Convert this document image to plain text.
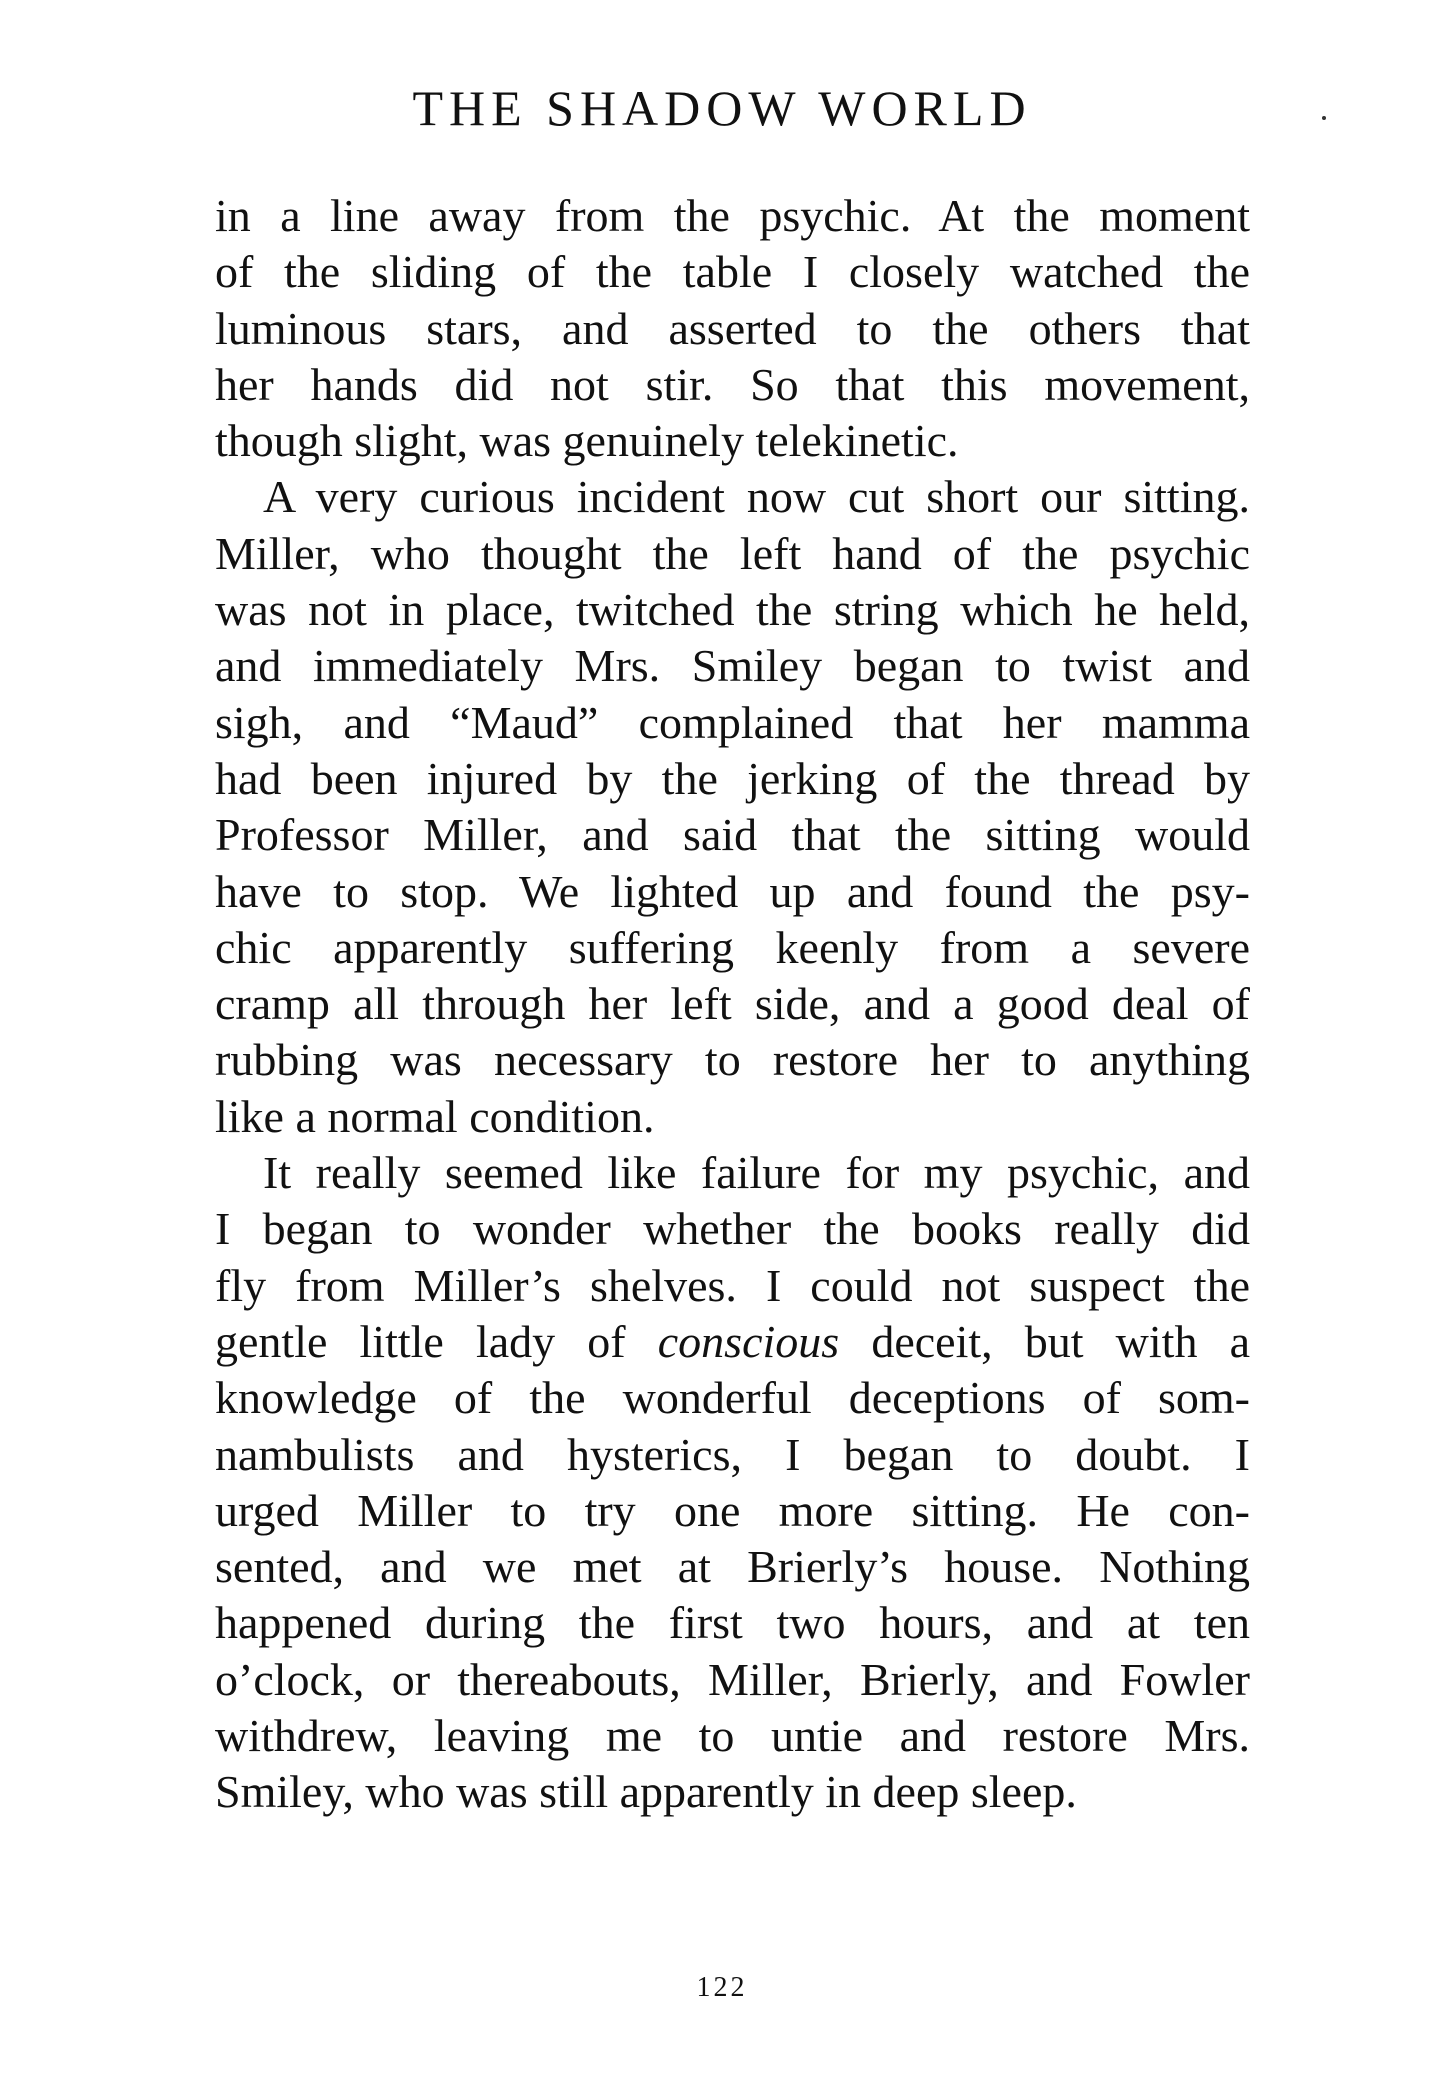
THE SHADOW WORLD
in a line away from the psychic. At the moment
of the sliding of the table I closely watched the
luminous stars, and asserted to the others that
her hands did not stir. So that this movement,
though slight, was genuinely telekinetic.
A very curious incident now cut short our sitting.
Miller, who thought the left hand of the psychic
was not in place, twitched the string which he held,
and immediately Mrs. Smiley began to twist and
sigh, and “Maud” complained that her mamma
had been injured by the jerking of the thread by
Professor Miller, and said that the sitting would
have to stop. We lighted up and found the psy-
chic apparently suffering keenly from a severe
cramp all through her left side, and a good deal of
rubbing was necessary to restore her to anything
like a normal condition.
It really seemed like failure for my psychic, and
I began to wonder whether the books really did
fly from Miller’s shelves. I could not suspect the
gentle little lady of conscious deceit, but with a
knowledge of the wonderful deceptions of som-
nambulists and hysterics, I began to doubt. I
urged Miller to try one more sitting. He con-
sented, and we met at Brierly’s house. Nothing
happened during the first two hours, and at ten
o’clock, or thereabouts, Miller, Brierly, and Fowler
withdrew, leaving me to untie and restore Mrs.
Smiley, who was still apparently in deep sleep.
122
